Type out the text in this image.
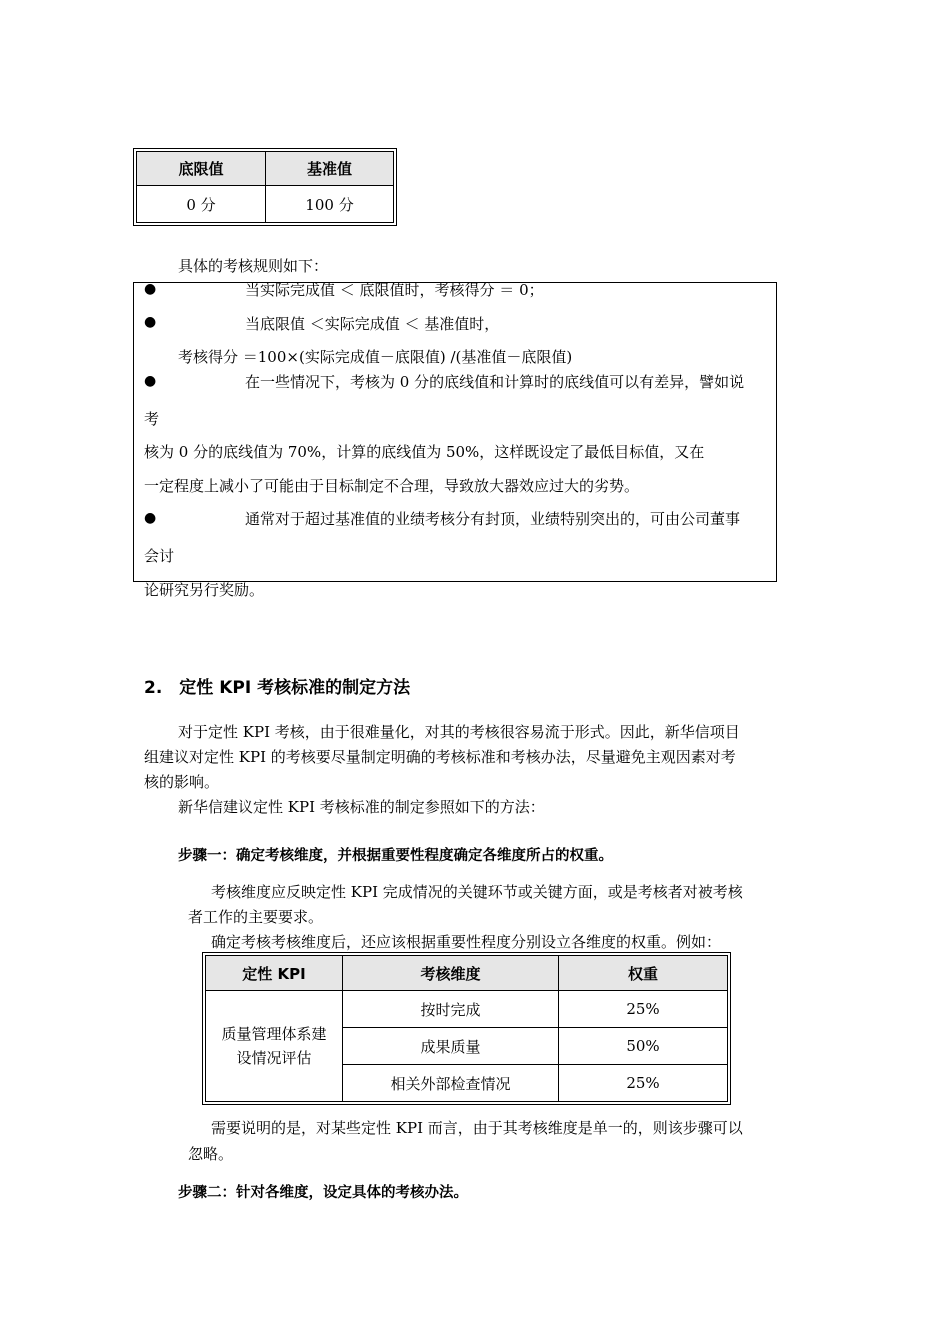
底限值	基准值
0 分	100 分
具体的考核规则如下：
●	当实际完成值 ＜ 底限值时，考核得分 ＝ 0；
●	当底限值 ＜实际完成值 ＜ 基准值时，
考核得分 ＝100×(实际完成值－底限值) /(基准值－底限值)
●	在一些情况下，考核为 0 分的底线值和计算时的底线值可以有差异，譬如说
考
核为 0 分的底线值为 70%，计算的底线值为 50%，这样既设定了最低目标值，又在
一定程度上减小了可能由于目标制定不合理，导致放大器效应过大的劣势。
●	通常对于超过基准值的业绩考核分有封顶，业绩特别突出的，可由公司董事
会讨
论研究另行奖励。
2.　定性 KPI 考核标准的制定方法
对于定性 KPI 考核，由于很难量化，对其的考核很容易流于形式。因此，新华信项目
组建议对定性 KPI 的考核要尽量制定明确的考核标准和考核办法，尽量避免主观因素对考
核的影响。
新华信建议定性 KPI 考核标准的制定参照如下的方法：
步骤一：确定考核维度，并根据重要性程度确定各维度所占的权重。
考核维度应反映定性 KPI 完成情况的关键环节或关键方面，或是考核者对被考核
者工作的主要要求。
确定考核考核维度后，还应该根据重要性程度分别设立各维度的权重。例如：
定性 KPI	考核维度	权重

质量管理体系建
设情况评估	按时完成	25%
	成果质量	50%
	相关外部检查情况	25%
需要说明的是，对某些定性 KPI 而言，由于其考核维度是单一的，则该步骤可以
忽略。
步骤二：针对各维度，设定具体的考核办法。
